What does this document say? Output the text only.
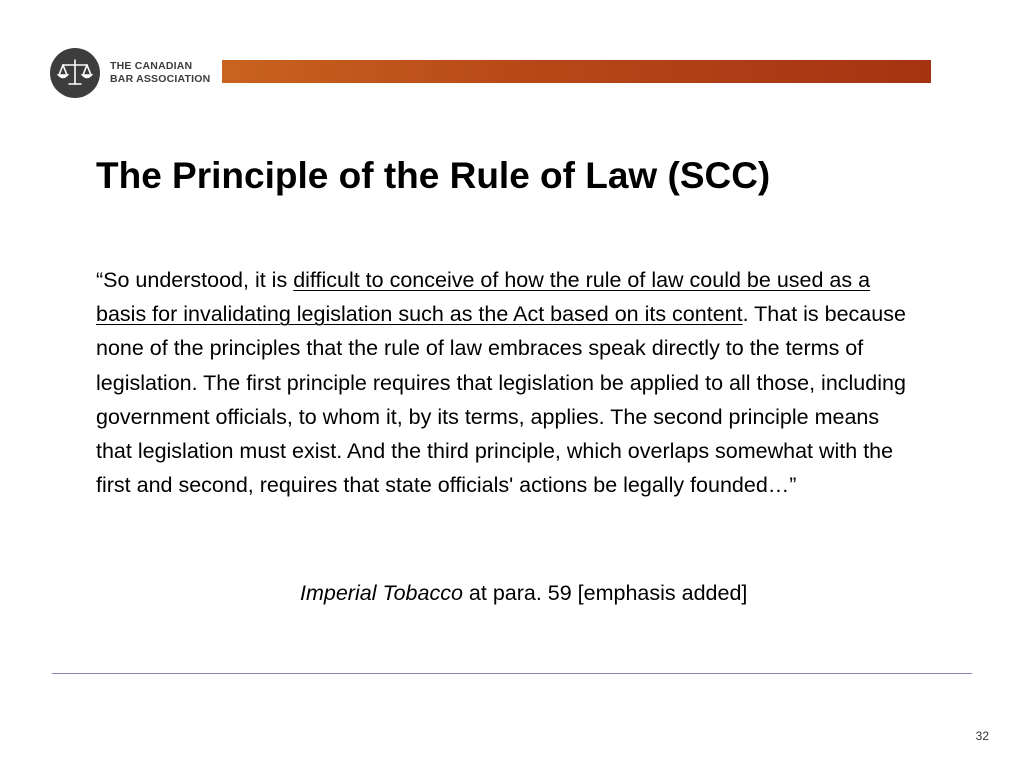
THE CANADIAN
BAR ASSOCIATION
The Principle of the Rule of Law (SCC)

“So understood, it is difficult to conceive of how the rule of law could be used as a basis for invalidating legislation such as the Act based on its content. That is because none of the principles that the rule of law embraces speak directly to the terms of legislation. The first principle requires that legislation be applied to all those, including government officials, to whom it, by its terms, applies. The second principle means that legislation must exist. And the third principle, which overlaps somewhat with the first and second, requires that state officials' actions be legally founded…”

Imperial Tobacco at para. 59 [emphasis added]

32
